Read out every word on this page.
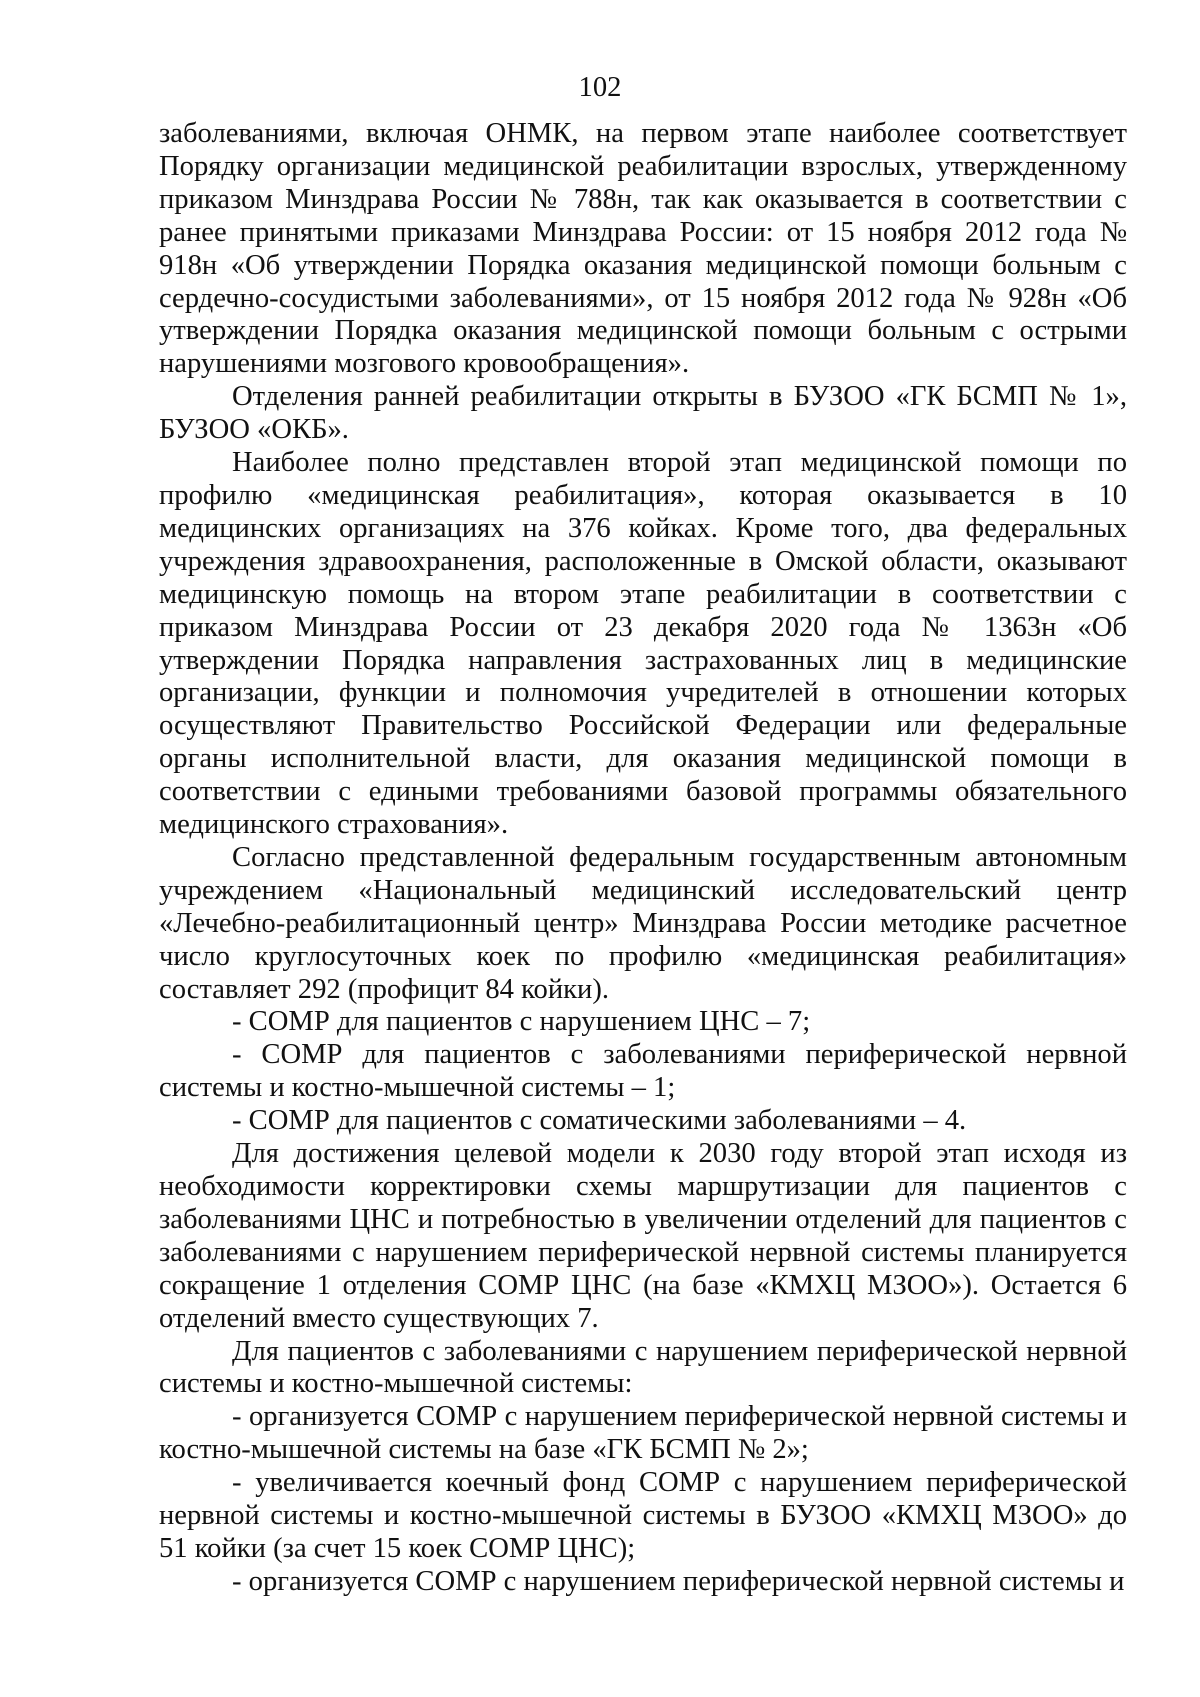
102

заболеваниями, включая ОНМК, на первом этапе наиболее соответствует Порядку организации медицинской реабилитации взрослых, утвержденному приказом Минздрава России № 788н, так как оказывается в соответствии с ранее принятыми приказами Минздрава России: от 15 ноября 2012 года № 918н «Об утверждении Порядка оказания медицинской помощи больным с сердечно-сосудистыми заболеваниями», от 15 ноября 2012 года № 928н «Об утверждении Порядка оказания медицинской помощи больным с острыми нарушениями мозгового кровообращения».

Отделения ранней реабилитации открыты в БУЗОО «ГК БСМП № 1», БУЗОО «ОКБ».

Наиболее полно представлен второй этап медицинской помощи по профилю «медицинская реабилитация», которая оказывается в 10 медицинских организациях на 376 койках. Кроме того, два федеральных учреждения здравоохранения, расположенные в Омской области, оказывают медицинскую помощь на втором этапе реабилитации в соответствии с приказом Минздрава России от 23 декабря 2020 года № 1363н «Об утверждении Порядка направления застрахованных лиц в медицинские организации, функции и полномочия учредителей в отношении которых осуществляют Правительство Российской Федерации или федеральные органы исполнительной власти, для оказания медицинской помощи в соответствии с едиными требованиями базовой программы обязательного медицинского страхования».

Согласно представленной федеральным государственным автономным учреждением «Национальный медицинский исследовательский центр «Лечебно-реабилитационный центр» Минздрава России методике расчетное число круглосуточных коек по профилю «медицинская реабилитация» составляет 292 (профицит 84 койки).

- СОМР для пациентов с нарушением ЦНС – 7;

- СОМР для пациентов с заболеваниями периферической нервной системы и костно-мышечной системы – 1;

- СОМР для пациентов с соматическими заболеваниями – 4.

Для достижения целевой модели к 2030 году второй этап исходя из необходимости корректировки схемы маршрутизации для пациентов с заболеваниями ЦНС и потребностью в увеличении отделений для пациентов с заболеваниями с нарушением периферической нервной системы планируется сокращение 1 отделения СОМР ЦНС (на базе «КМХЦ МЗОО»). Остается 6 отделений вместо существующих 7.

Для пациентов с заболеваниями с нарушением периферической нервной системы и костно-мышечной системы:

- организуется СОМР с нарушением периферической нервной системы и костно-мышечной системы на базе «ГК БСМП № 2»;

- увеличивается коечный фонд СОМР с нарушением периферической нервной системы и костно-мышечной системы в БУЗОО «КМХЦ МЗОО» до 51 койки (за счет 15 коек СОМР ЦНС);

- организуется СОМР с нарушением периферической нервной системы и
